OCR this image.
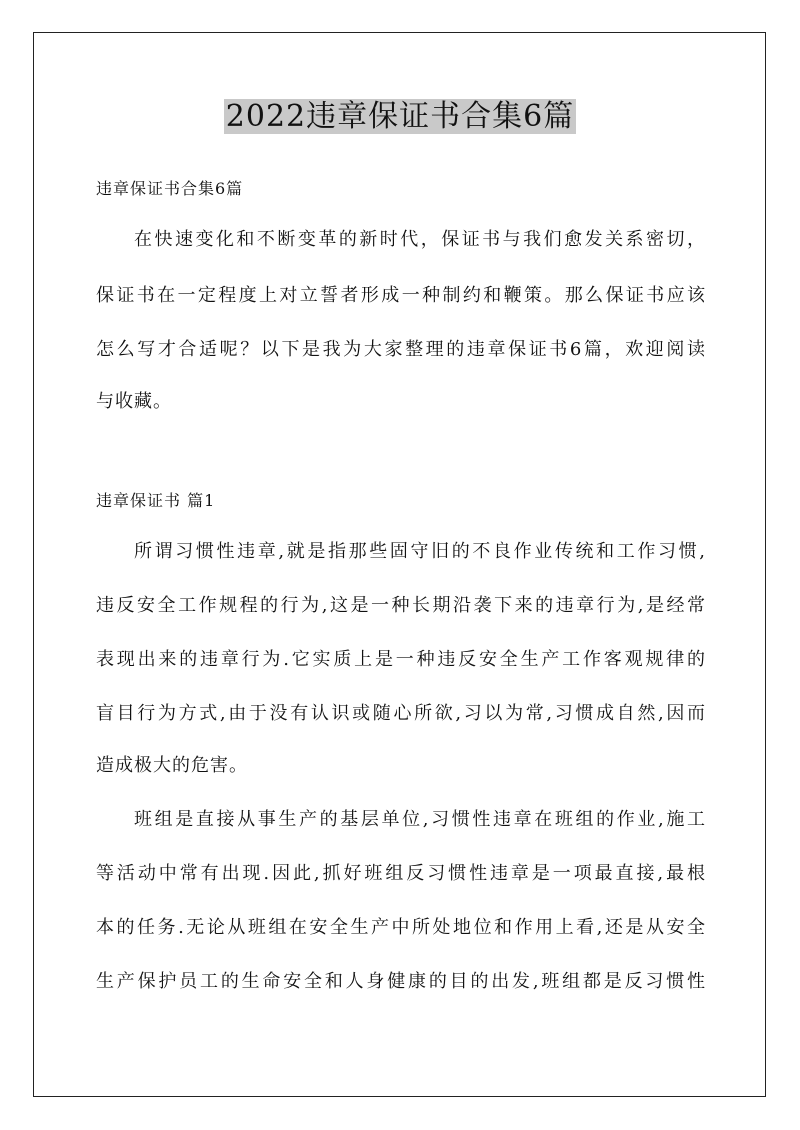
2022违章保证书合集6篇
违章保证书合集6篇
在快速变化和不断变革的新时代，保证书与我们愈发关系密切，
保证书在一定程度上对立誓者形成一种制约和鞭策。那么保证书应该
怎么写才合适呢？以下是我为大家整理的违章保证书6篇，欢迎阅读
与收藏。
违章保证书 篇1
所谓习惯性违章,就是指那些固守旧的不良作业传统和工作习惯,
违反安全工作规程的行为,这是一种长期沿袭下来的违章行为,是经常
表现出来的违章行为.它实质上是一种违反安全生产工作客观规律的
盲目行为方式,由于没有认识或随心所欲,习以为常,习惯成自然,因而
造成极大的危害。
班组是直接从事生产的基层单位,习惯性违章在班组的作业,施工
等活动中常有出现.因此,抓好班组反习惯性违章是一项最直接,最根
本的任务.无论从班组在安全生产中所处地位和作用上看,还是从安全
生产保护员工的生命安全和人身健康的目的出发,班组都是反习惯性
